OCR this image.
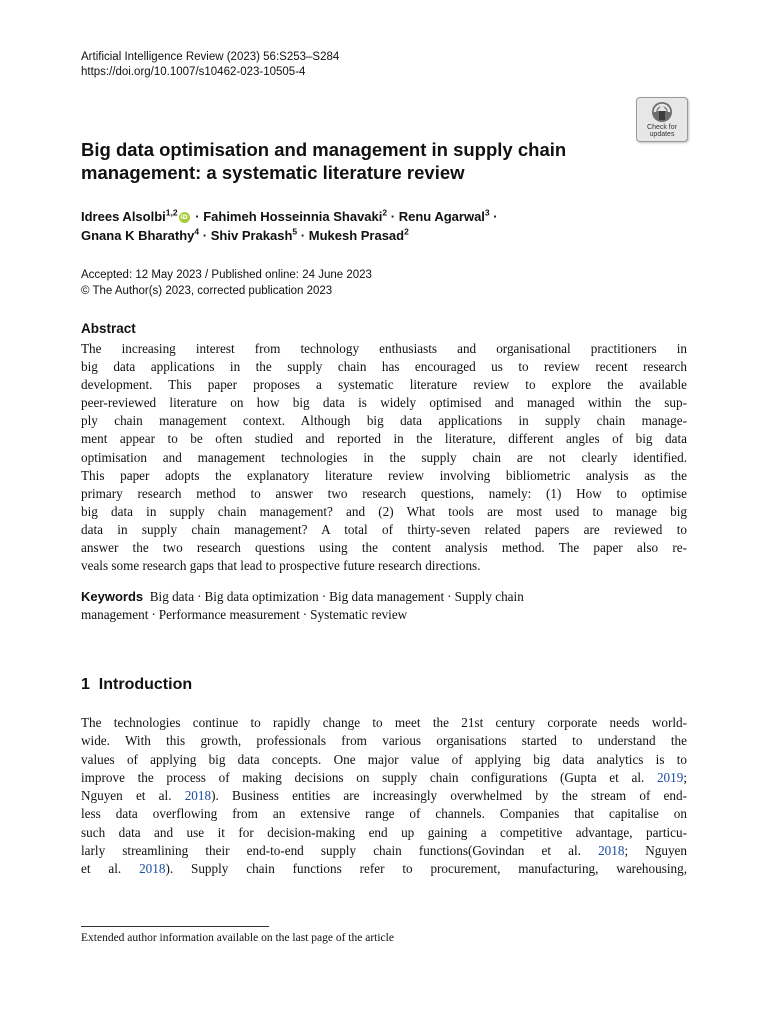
Artificial Intelligence Review (2023) 56:S253–S284
https://doi.org/10.1007/s10462-023-10505-4
Check for
updates
Big data optimisation and management in supply chain management: a systematic literature review
Idrees Alsolbi$^{1,2}$ iD · Fahimeh Hosseinnia Shavaki$^2$ · Renu Agarwal$^3$ ·
Gnana K Bharathy$^4$ · Shiv Prakash$^5$ · Mukesh Prasad$^2$
Accepted: 12 May 2023 / Published online: 24 June 2023
© The Author(s) 2023, corrected publication 2023
Abstract
The increasing interest from technology enthusiasts and organisational practitioners in
big data applications in the supply chain has encouraged us to review recent research
development. This paper proposes a systematic literature review to explore the available
peer-reviewed literature on how big data is widely optimised and managed within the sup-
ply chain management context. Although big data applications in supply chain manage-
ment appear to be often studied and reported in the literature, different angles of big data
optimisation and management technologies in the supply chain are not clearly identified.
This paper adopts the explanatory literature review involving bibliometric analysis as the
primary research method to answer two research questions, namely: (1) How to optimise
big data in supply chain management? and (2) What tools are most used to manage big
data in supply chain management? A total of thirty-seven related papers are reviewed to
answer the two research questions using the content analysis method. The paper also re-
veals some research gaps that lead to prospective future research directions.
Keywords Big data · Big data optimization · Big data management · Supply chain
management · Performance measurement · Systematic review
1 Introduction
The technologies continue to rapidly change to meet the 21st century corporate needs world-
wide. With this growth, professionals from various organisations started to understand the
values of applying big data concepts. One major value of applying big data analytics is to
improve the process of making decisions on supply chain configurations (Gupta et al. 2019;
Nguyen et al. 2018). Business entities are increasingly overwhelmed by the stream of end-
less data overflowing from an extensive range of channels. Companies that capitalise on
such data and use it for decision-making end up gaining a competitive advantage, particu-
larly streamlining their end-to-end supply chain functions(Govindan et al. 2018; Nguyen
et al. 2018). Supply chain functions refer to procurement, manufacturing, warehousing,
Extended author information available on the last page of the article
